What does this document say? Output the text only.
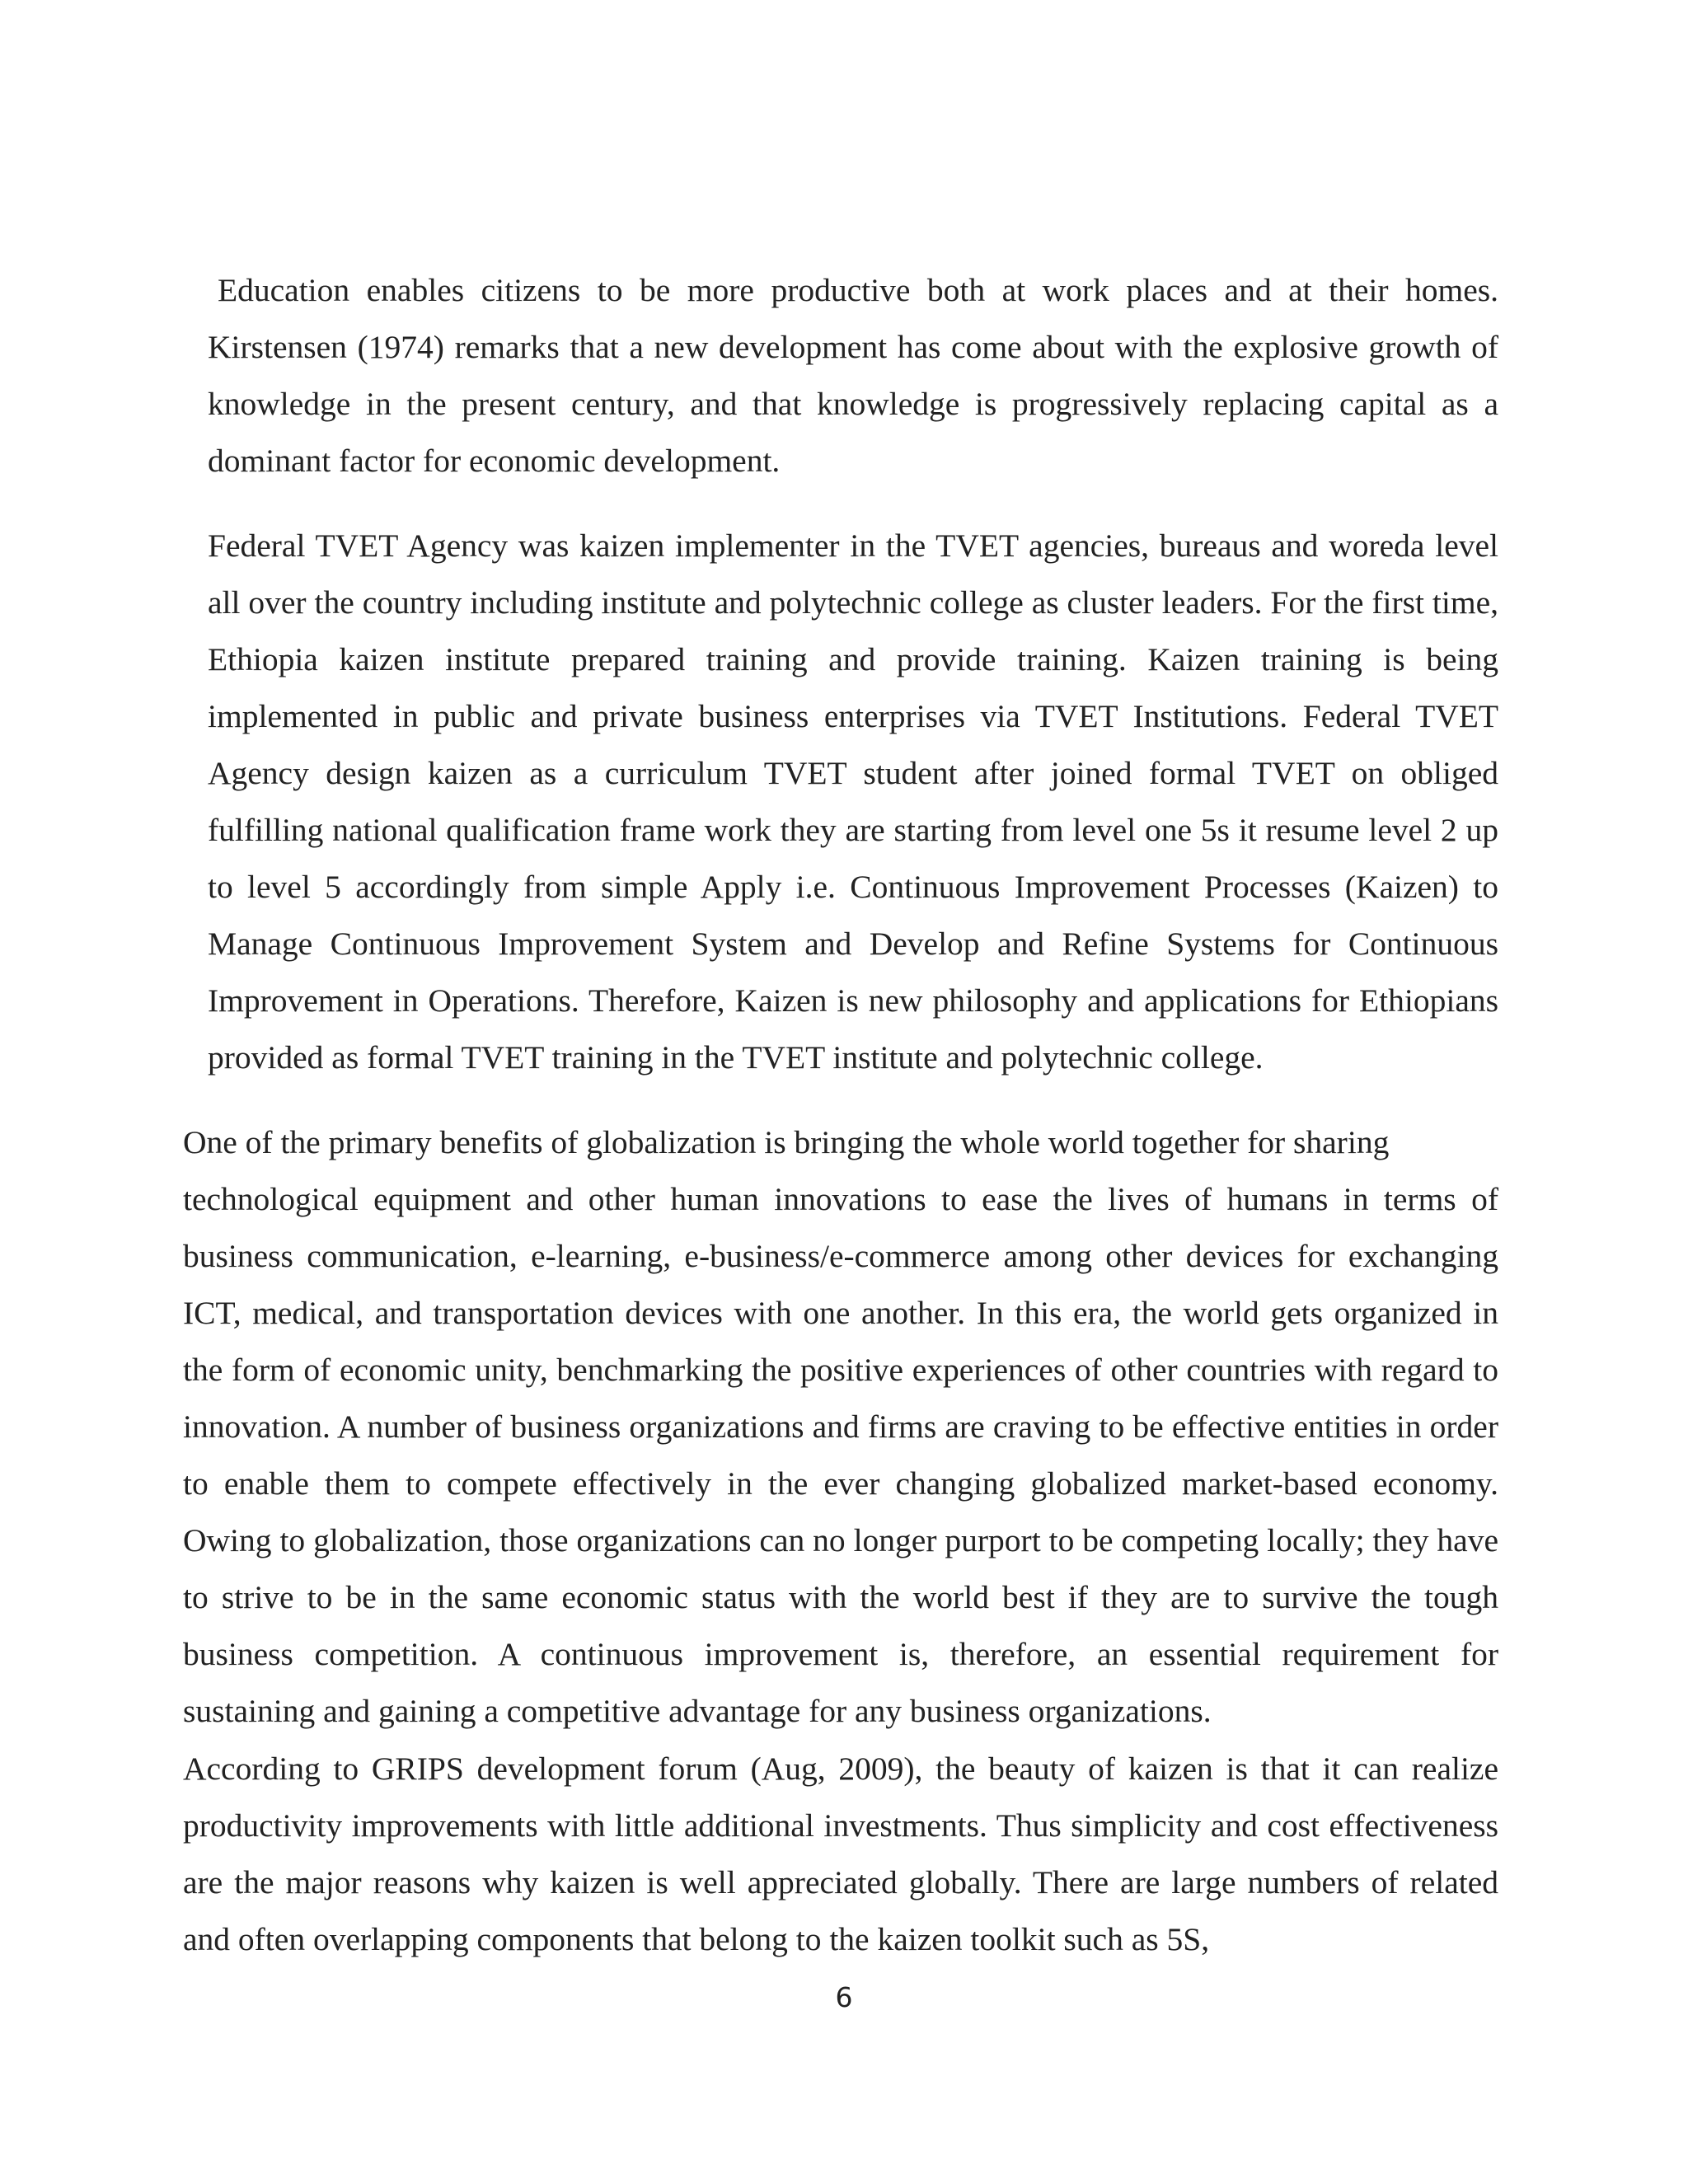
Education enables citizens to be more productive both at work places and at their homes. Kirstensen (1974) remarks that a new development has come about with the explosive growth of knowledge in the present century, and that knowledge is progressively replacing capital as a dominant factor for economic development.

Federal TVET Agency was kaizen implementer in the TVET agencies, bureaus and woreda level all over the country including institute and polytechnic college as cluster leaders. For the first time, Ethiopia kaizen institute prepared training and provide training. Kaizen training is being implemented in public and private business enterprises via TVET Institutions. Federal TVET Agency design kaizen as a curriculum TVET student after joined formal TVET on obliged fulfilling national qualification frame work they are starting from level one 5s it resume level 2 up to level 5 accordingly from simple Apply i.e. Continuous Improvement Processes (Kaizen) to Manage Continuous Improvement System and Develop and Refine Systems for Continuous Improvement in Operations. Therefore, Kaizen is new philosophy and applications for Ethiopians provided as formal TVET training in the TVET institute and polytechnic college.

One of the primary benefits of globalization is bringing the whole world together for sharing
technological equipment and other human innovations to ease the lives of humans in terms of business communication, e-learning, e-business/e-commerce among other devices for exchanging ICT, medical, and transportation devices with one another. In this era, the world gets organized in the form of economic unity, benchmarking the positive experiences of other countries with regard to innovation. A number of business organizations and firms are craving to be effective entities in order to enable them to compete effectively in the ever changing globalized market-based economy. Owing to globalization, those organizations can no longer purport to be competing locally; they have to strive to be in the same economic status with the world best if they are to survive the tough business competition. A continuous improvement is, therefore, an essential requirement for sustaining and gaining a competitive advantage for any business organizations.

According to GRIPS development forum (Aug, 2009), the beauty of kaizen is that it can realize productivity improvements with little additional investments. Thus simplicity and cost effectiveness are the major reasons why kaizen is well appreciated globally. There are large numbers of related and often overlapping components that belong to the kaizen toolkit such as 5S,

6
